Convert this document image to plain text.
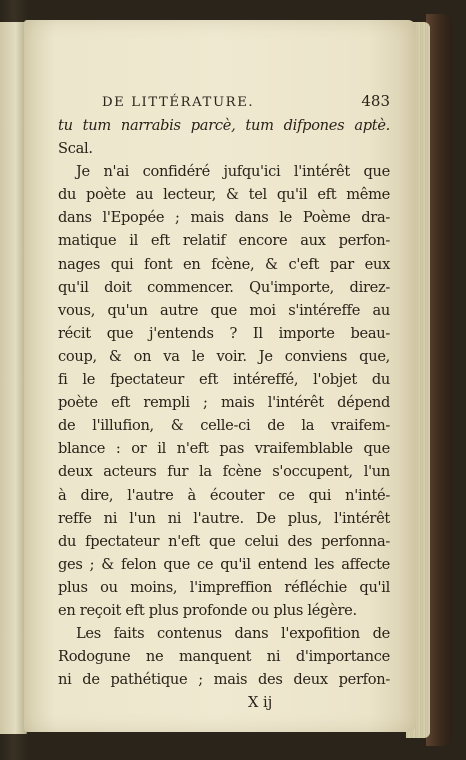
DE LITTÉRATURE.	483
tu tum narrabis parcè, tum difpones aptè.
Scal.
Je n'ai confidéré jufqu'ici l'intérêt que
du poète au lecteur, & tel qu'il eft même
dans l'Epopée ; mais dans le Poème dra-
matique il eft relatif encore aux perfon-
nages qui font en fcène, & c'eft par eux
qu'il doit commencer. Qu'importe, direz-
vous, qu'un autre que moi s'intéreffe au
récit que j'entends ? Il importe beau-
coup, & on va le voir. Je conviens que,
fi le fpectateur eft intéreffé, l'objet du
poète eft rempli ; mais l'intérêt dépend
de l'illufion, & celle-ci de la vraifem-
blance : or il n'eft pas vraifemblable que
deux acteurs fur la fcène s'occupent, l'un
à dire, l'autre à écouter ce qui n'inté-
reffe ni l'un ni l'autre. De plus, l'intérêt
du fpectateur n'eft que celui des perfonna-
ges ; & felon que ce qu'il entend les affecte
plus ou moins, l'impreffion réfléchie qu'il
en reçoit eft plus profonde ou plus légère.
Les faits contenus dans l'expofition de
Rodogune ne manquent ni d'importance
ni de pathétique ; mais des deux perfon-
X ij
